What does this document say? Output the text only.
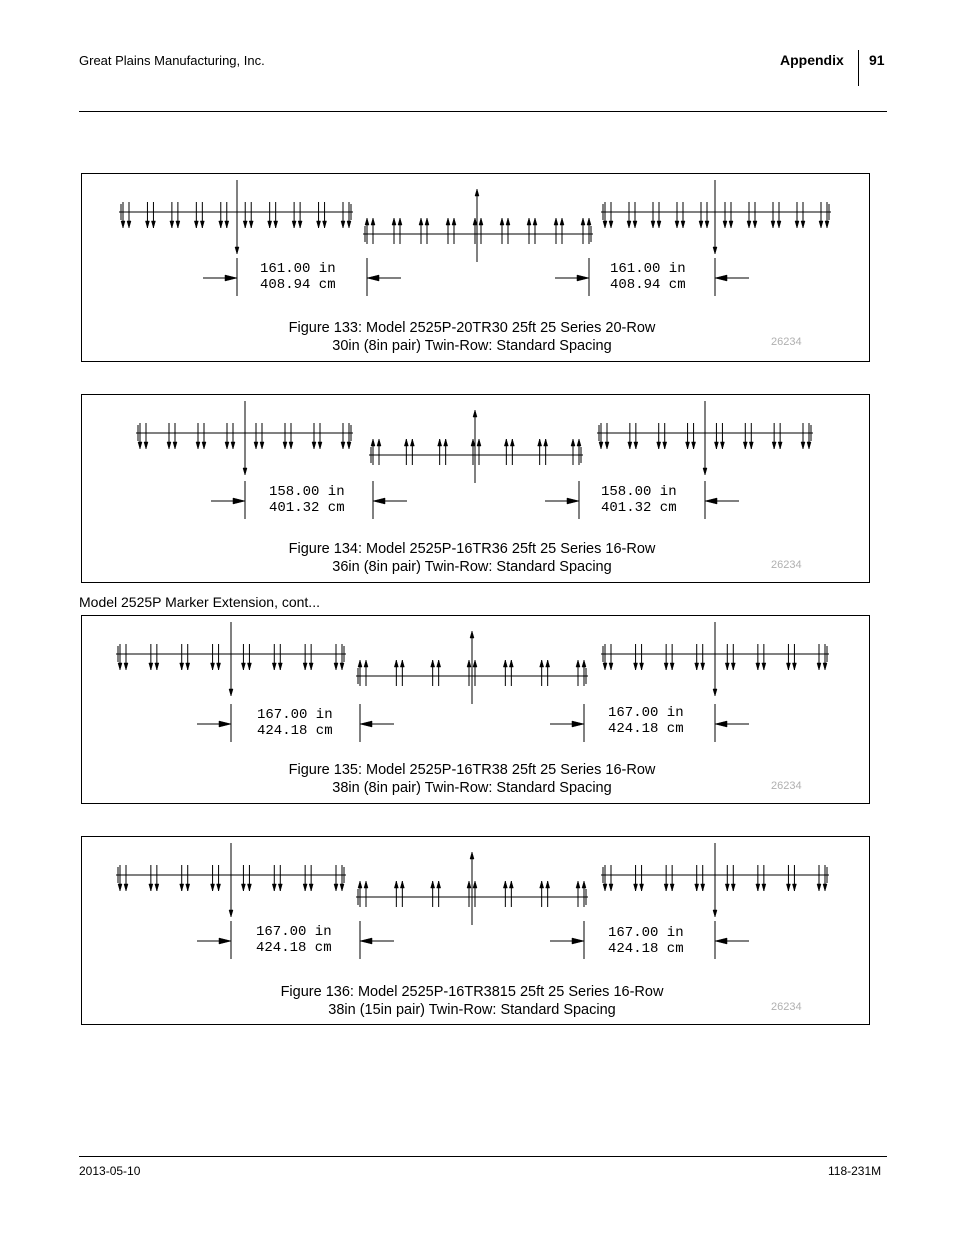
Great Plains Manufacturing, Inc.	Appendix 91
161.00 in
408.94 cm
161.00 in
408.94 cm
Figure 133: Model 2525P-20TR30 25ft 25 Series 20-Row
30in (8in pair) Twin-Row: Standard Spacing	26234
158.00 in
401.32 cm
158.00 in
401.32 cm
Figure 134: Model 2525P-16TR36 25ft 25 Series 16-Row
36in (8in pair) Twin-Row: Standard Spacing	26234
Model 2525P Marker Extension, cont...
167.00 in
424.18 cm
167.00 in
424.18 cm
Figure 135: Model 2525P-16TR38 25ft 25 Series 16-Row
38in (8in pair) Twin-Row: Standard Spacing	26234
167.00 in
424.18 cm
167.00 in
424.18 cm
Figure 136: Model 2525P-16TR3815 25ft 25 Series 16-Row
38in (15in pair) Twin-Row: Standard Spacing	26234
2013-05-10	118-231M
